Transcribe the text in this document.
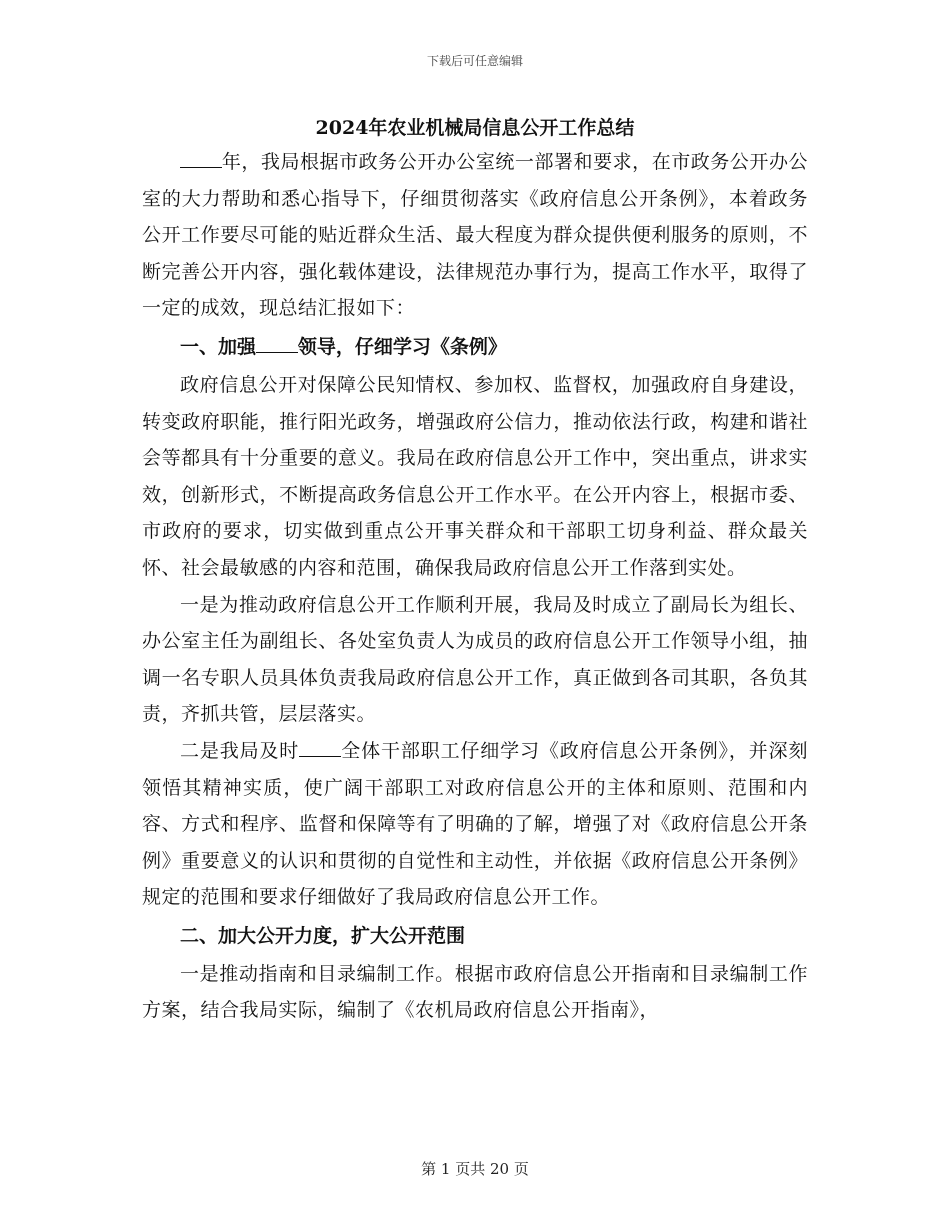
下载后可任意编辑
2024年农业机械局信息公开工作总结

年，我局根据市政务公开办公室统一部署和要求，在市政务公开办公室的大力帮助和悉心指导下，仔细贯彻落实《政府信息公开条例》，本着政务公开工作要尽可能的贴近群众生活、最大程度为群众提供便利服务的原则，不断完善公开内容，强化载体建设，法律规范办事行为，提高工作水平，取得了一定的成效，现总结汇报如下：

一、加强 领导，仔细学习《条例》

政府信息公开对保障公民知情权、参加权、监督权，加强政府自身建设，转变政府职能，推行阳光政务，增强政府公信力，推动依法行政，构建和谐社会等都具有十分重要的意义。我局在政府信息公开工作中，突出重点，讲求实效，创新形式，不断提高政务信息公开工作水平。在公开内容上，根据市委、市政府的要求，切实做到重点公开事关群众和干部职工切身利益、群众最关怀、社会最敏感的内容和范围，确保我局政府信息公开工作落到实处。

一是为推动政府信息公开工作顺利开展，我局及时成立了副局长为组长、办公室主任为副组长、各处室负责人为成员的政府信息公开工作领导小组，抽调一名专职人员具体负责我局政府信息公开工作，真正做到各司其职，各负其责，齐抓共管，层层落实。

二是我局及时 全体干部职工仔细学习《政府信息公开条例》，并深刻领悟其精神实质，使广阔干部职工对政府信息公开的主体和原则、范围和内容、方式和程序、监督和保障等有了明确的了解，增强了对《政府信息公开条例》重要意义的认识和贯彻的自觉性和主动性，并依据《政府信息公开条例》规定的范围和要求仔细做好了我局政府信息公开工作。

二、加大公开力度，扩大公开范围

一是推动指南和目录编制工作。根据市政府信息公开指南和目录编制工作方案，结合我局实际，编制了《农机局政府信息公开指南》，

第 1 页共 20 页
